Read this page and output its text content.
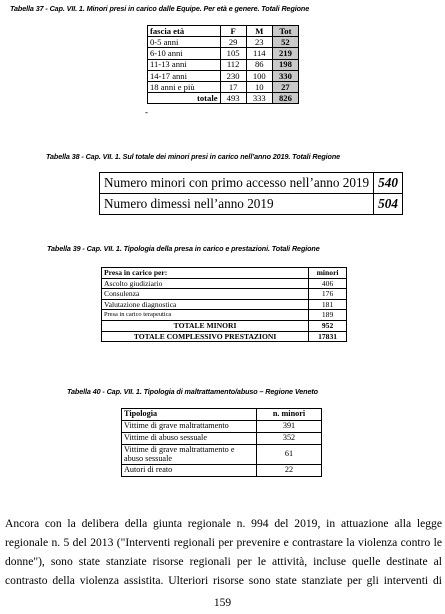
Tabella 37 - Cap. VII. 1. Minori presi in carico dalle Equipe. Per età e genere. Totali Regione
fascia età	F	M	Tot
0-5 anni	29	23	52
6-10 anni	105	114	219
11-13 anni	112	86	198
14-17 anni	230	100	330
18 anni e più	17	10	27
totale	493	333	826
-
Tabella 38 - Cap. VII. 1. Sul totale dei minori presi in carico nell’anno 2019. Totali Regione
Numero minori con primo accesso nell’anno 2019	540
Numero dimessi nell’anno 2019	504
Tabella 39 - Cap. VII. 1. Tipologia della presa in carico e prestazioni. Totali Regione
Presa in carico per:	minori
Ascolto giudiziario	406
Consulenza	176
Valutazione diagnostica	181
Presa in carico terapeutica	189
TOTALE MINORI	952
TOTALE COMPLESSIVO PRESTAZIONI	17831
Tabella 40 - Cap. VII. 1. Tipologia di maltrattamento/abuso – Regione Veneto
Tipologia	n. minori
Vittime di grave maltrattamento	391
Vittime di abuso sessuale	352
Vittime di grave maltrattamento e abuso sessuale	61
Autori di reato	22
Ancora con la delibera della giunta regionale n. 994 del 2019, in attuazione alla legge
regionale n. 5 del 2013 ("Interventi regionali per prevenire e contrastare la violenza contro le
donne"), sono state stanziate risorse regionali per le attività, incluse quelle destinate al
contrasto della violenza assistita. Ulteriori risorse sono state stanziate per gli interventi di
159
